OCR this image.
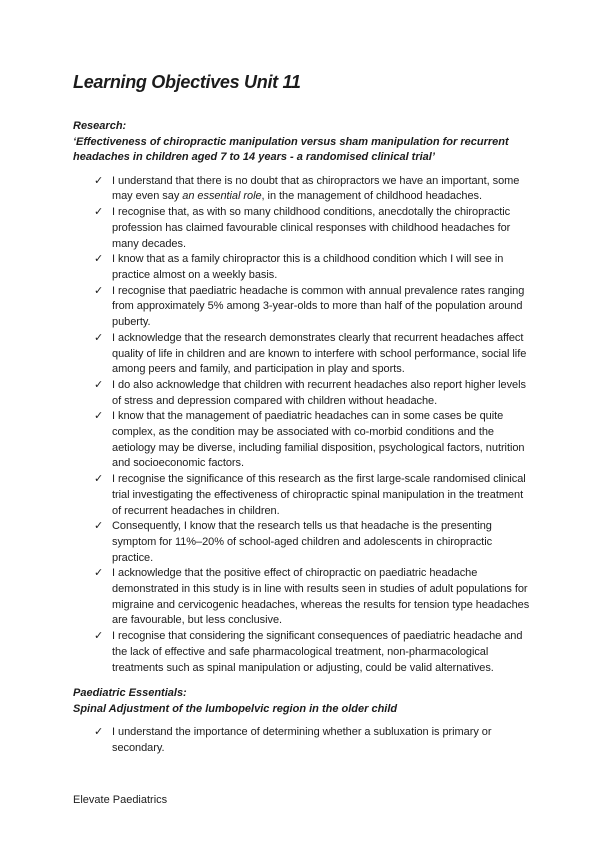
Learning Objectives Unit 11

Research:

‘Effectiveness of chiropractic manipulation versus sham manipulation for recurrent headaches in children aged 7 to 14 years - a randomised clinical trial’

✓ I understand that there is no doubt that as chiropractors we have an important, some may even say an essential role, in the management of childhood headaches.
✓ I recognise that, as with so many childhood conditions, anecdotally the chiropractic profession has claimed favourable clinical responses with childhood headaches for many decades.
✓ I know that as a family chiropractor this is a childhood condition which I will see in practice almost on a weekly basis.
✓ I recognise that paediatric headache is common with annual prevalence rates ranging from approximately 5% among 3-year-olds to more than half of the population around puberty.
✓ I acknowledge that the research demonstrates clearly that recurrent headaches affect quality of life in children and are known to interfere with school performance, social life among peers and family, and participation in play and sports.
✓ I do also acknowledge that children with recurrent headaches also report higher levels of stress and depression compared with children without headache.
✓ I know that the management of paediatric headaches can in some cases be quite complex, as the condition may be associated with co-morbid conditions and the aetiology may be diverse, including familial disposition, psychological factors, nutrition and socioeconomic factors.
✓ I recognise the significance of this research as the first large-scale randomised clinical trial investigating the effectiveness of chiropractic spinal manipulation in the treatment of recurrent headaches in children.
✓ Consequently, I know that the research tells us that headache is the presenting symptom for 11%–20% of school-aged children and adolescents in chiropractic practice.
✓ I acknowledge that the positive effect of chiropractic on paediatric headache demonstrated in this study is in line with results seen in studies of adult populations for migraine and cervicogenic headaches, whereas the results for tension type headaches are favourable, but less conclusive.
✓ I recognise that considering the significant consequences of paediatric headache and the lack of effective and safe pharmacological treatment, non-pharmacological treatments such as spinal manipulation or adjusting, could be valid alternatives.

Paediatric Essentials:

Spinal Adjustment of the lumbopelvic region in the older child

✓ I understand the importance of determining whether a subluxation is primary or secondary.
Elevate Paediatrics
